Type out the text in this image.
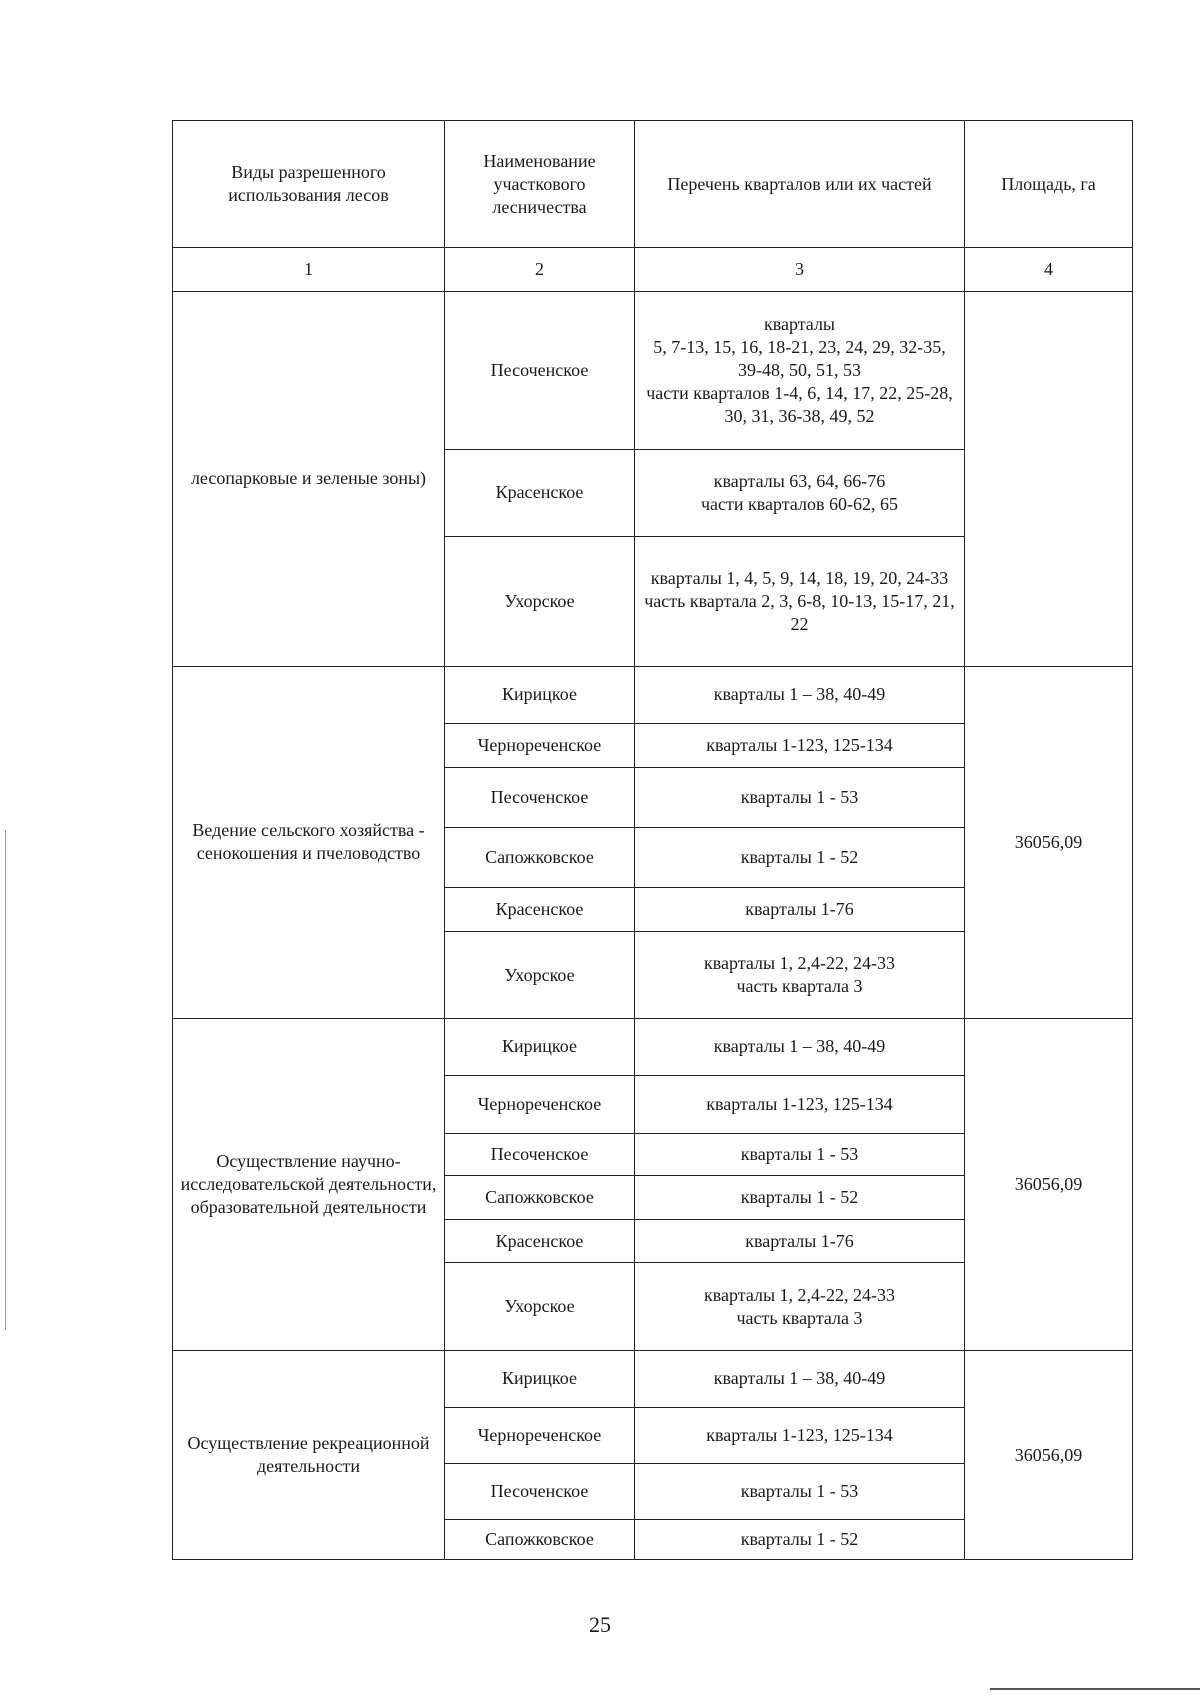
Виды разрешенного использования лесов	Наименование участкового лесничества	Перечень кварталов или их частей	Площадь, га
1	2	3	4
лесопарковые и зеленые зоны)	Песоченское	кварталы
5, 7-13, 15, 16, 18-21, 23, 24, 29, 32-35, 39-48, 50, 51, 53
части кварталов 1-4, 6, 14, 17, 22, 25-28, 30, 31, 36-38, 49, 52	
	Красенское	кварталы 63, 64, 66-76
части кварталов 60-62, 65	
	Ухорское	кварталы 1, 4, 5, 9, 14, 18, 19, 20, 24-33
часть квартала 2, 3, 6-8, 10-13, 15-17, 21, 22	
Ведение сельского хозяйства - сенокошения и пчеловодство	Кирицкое	кварталы 1 – 38, 40-49	36056,09
	Чернореченское	кварталы 1-123, 125-134	
	Песоченское	кварталы 1 - 53	
	Сапожковское	кварталы 1 - 52	
	Красенское	кварталы 1-76	
	Ухорское	кварталы 1, 2,4-22, 24-33
часть квартала 3	
Осуществление научно-исследовательской деятельности, образовательной деятельности	Кирицкое	кварталы 1 – 38, 40-49	36056,09
	Чернореченское	кварталы 1-123, 125-134	
	Песоченское	кварталы 1 - 53	
	Сапожковское	кварталы 1 - 52	
	Красенское	кварталы 1-76	
	Ухорское	кварталы 1, 2,4-22, 24-33
часть квартала 3	
Осуществление рекреационной деятельности	Кирицкое	кварталы 1 – 38, 40-49	36056,09
	Чернореченское	кварталы 1-123, 125-134	
	Песоченское	кварталы 1 - 53	
	Сапожковское	кварталы 1 - 52	
25
